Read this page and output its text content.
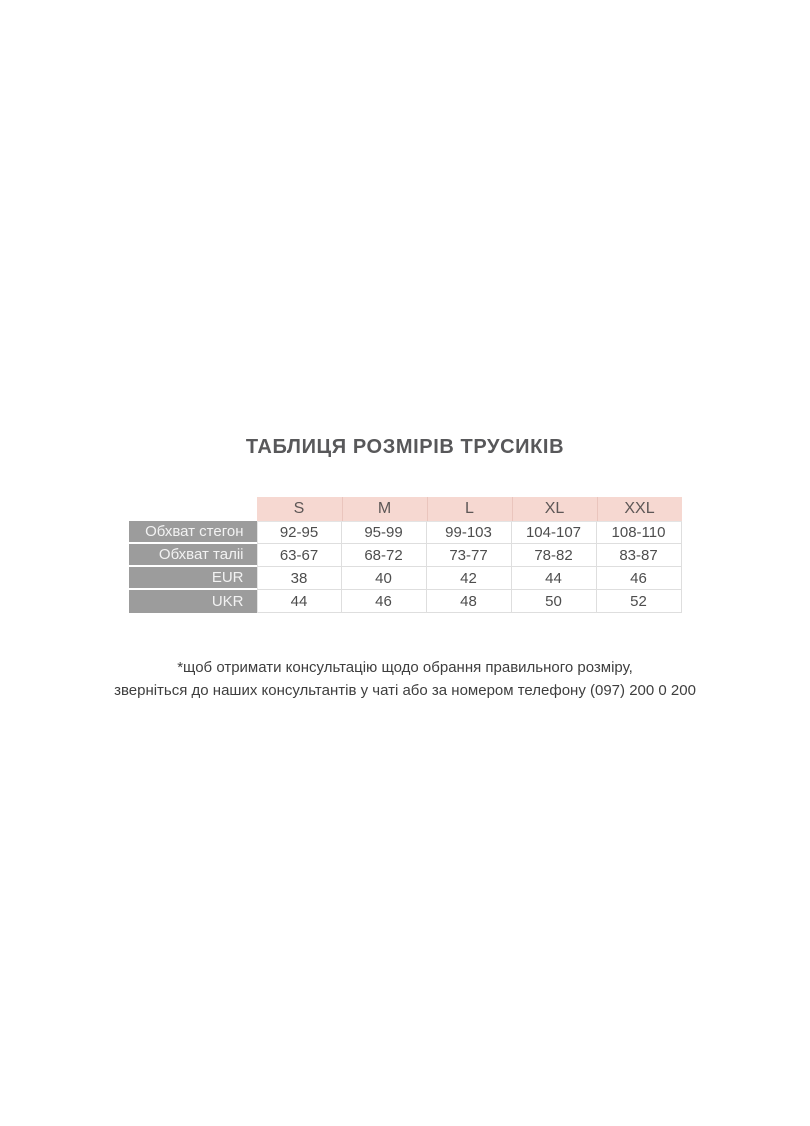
ТАБЛИЦЯ РОЗМІРІВ ТРУСИКІВ
	S	M	L	XL	XXL
Обхват стегон	92-95	95-99	99-103	104-107	108-110
Обхват таліі	63-67	68-72	73-77	78-82	83-87
EUR	38	40	42	44	46
UKR	44	46	48	50	52

*щоб отримати консультацію щодо обрання правильного розміру,
зверніться до наших консультантів у чаті або за номером телефону (097) 200 0 200
